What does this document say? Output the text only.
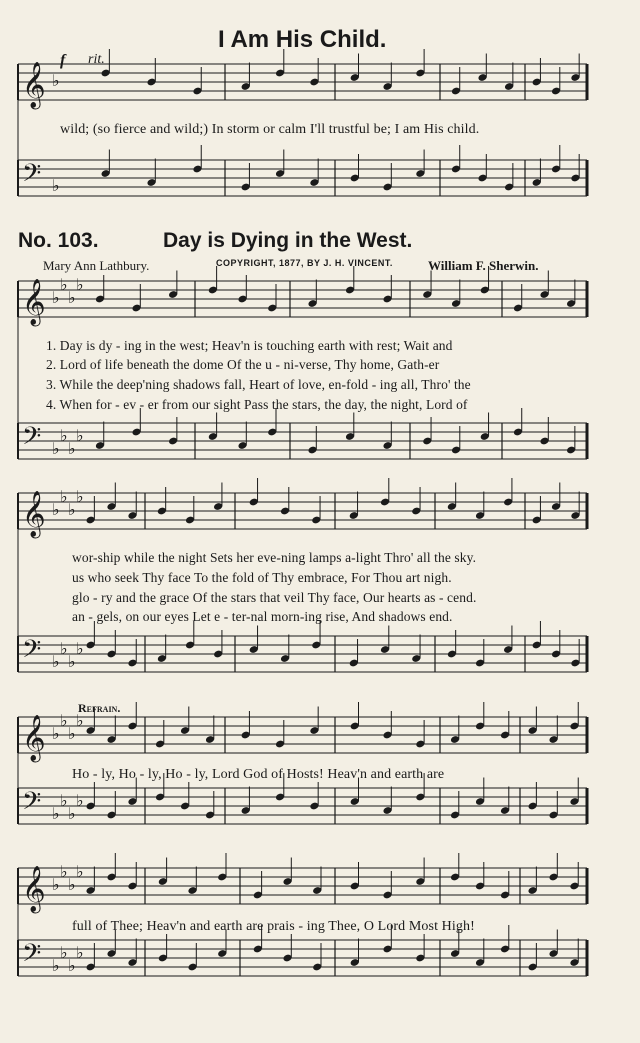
I Am His Child.
f rit.
𝄞 ♭
𝄢 ♭
𝄞 ♭
♭
♭
♭
𝄢 ♭
♭
♭
♭
𝄞 ♭
♭
♭
♭
𝄢 ♭
♭
♭
♭
𝄞 ♭
♭
♭
♭
𝄢 ♭
♭
♭
♭
𝄞 ♭
♭
♭
♭
𝄢 ♭
♭
♭
♭
wild; (so fierce and wild;) In storm or calm I'll trustful be; I am His child.
No. 103.	Day is Dying in the West.
Mary Ann Lathbury.	COPYRIGHT, 1877, BY J. H. VINCENT.	William F. Sherwin.
1. Day is dy - ing in the west; Heav'n is touching earth with rest; Wait and
2. Lord of life beneath the dome Of the u - ni-verse, Thy home, Gath-er
3. While the deep'ning shadows fall, Heart of love, en-fold - ing all, Thro' the
4. When for - ev - er from our sight Pass the stars, the day, the night, Lord of
wor-ship while the night Sets her eve-ning lamps a-light Thro' all the sky.
us who seek Thy face To the fold of Thy embrace, For Thou art nigh.
glo - ry and the grace Of the stars that veil Thy face, Our hearts as - cend.
an - gels, on our eyes Let e - ter-nal morn-ing rise, And shadows end.
Refrain.
Ho - ly, Ho - ly, Ho - ly, Lord God of Hosts! Heav'n and earth are
full of Thee; Heav'n and earth are prais - ing Thee, O Lord Most High!
